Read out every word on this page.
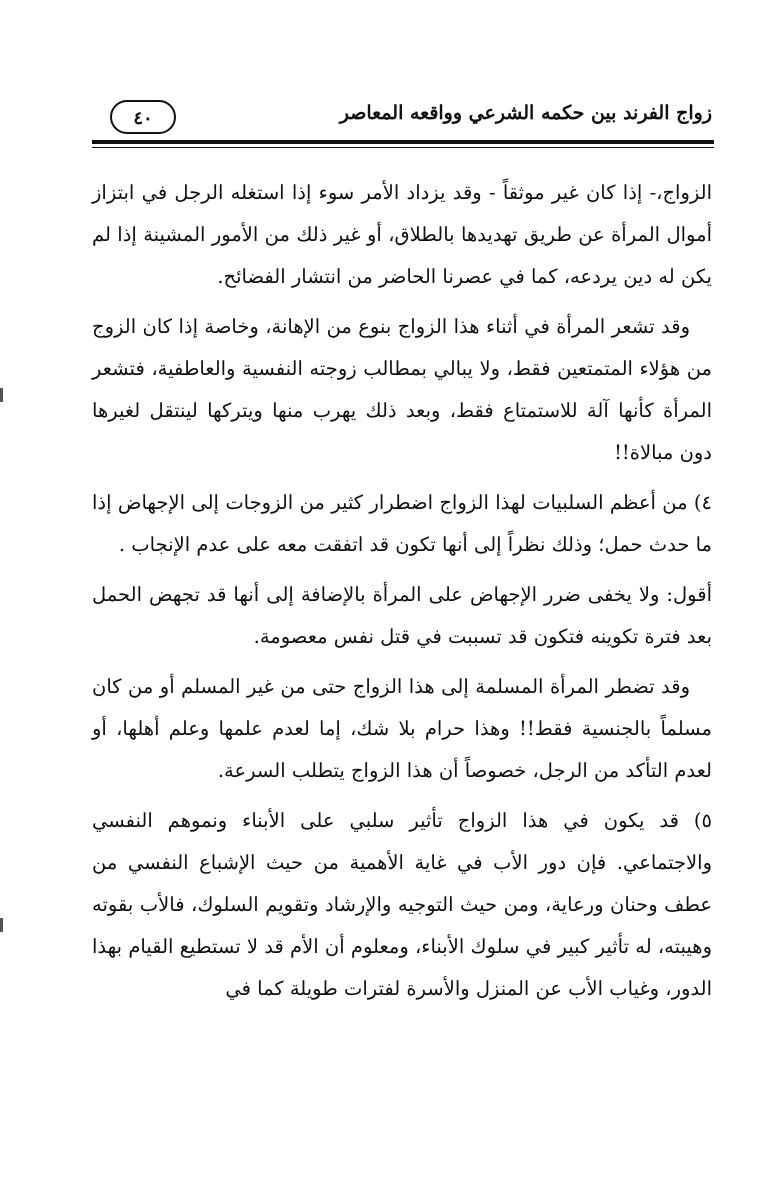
زواج الفرند بين حكمه الشرعي وواقعه المعاصر
٤٠

الزواج،- إذا كان غير موثقاً - وقد يزداد الأمر سوء إذا استغله الرجل في ابتزاز أموال المرأة عن طريق تهديدها بالطلاق، أو غير ذلك من الأمور المشينة إذا لم يكن له دين يردعه، كما في عصرنا الحاضر من انتشار الفضائح.

وقد تشعر المرأة في أثناء هذا الزواج بنوع من الإهانة، وخاصة إذا كان الزوج من هؤلاء المتمتعين فقط، ولا يبالي بمطالب زوجته النفسية والعاطفية، فتشعر المرأة كأنها آلة للاستمتاع فقط، وبعد ذلك يهرب منها ويتركها لينتقل لغيرها دون مبالاة!!

٤) من أعظم السلبيات لهذا الزواج اضطرار كثير من الزوجات إلى الإجهاض إذا ما حدث حمل؛ وذلك نظراً إلى أنها تكون قد اتفقت معه على عدم الإنجاب .

أقول: ولا يخفى ضرر الإجهاض على المرأة بالإضافة إلى أنها قد تجهض الحمل بعد فترة تكوينه فتكون قد تسببت في قتل نفس معصومة.

وقد تضطر المرأة المسلمة إلى هذا الزواج حتى من غير المسلم أو من كان مسلماً بالجنسية فقط!! وهذا حرام بلا شك، إما لعدم علمها وعلم أهلها، أو لعدم التأكد من الرجل، خصوصاً أن هذا الزواج يتطلب السرعة.

٥) قد يكون في هذا الزواج تأثير سلبي على الأبناء ونموهم النفسي والاجتماعي. فإن دور الأب في غاية الأهمية من حيث الإشباع النفسي من عطف وحنان ورعاية، ومن حيث التوجيه والإرشاد وتقويم السلوك، فالأب بقوته وهيبته، له تأثير كبير في سلوك الأبناء، ومعلوم أن الأم قد لا تستطيع القيام بهذا الدور، وغياب الأب عن المنزل والأسرة لفترات طويلة كما في
